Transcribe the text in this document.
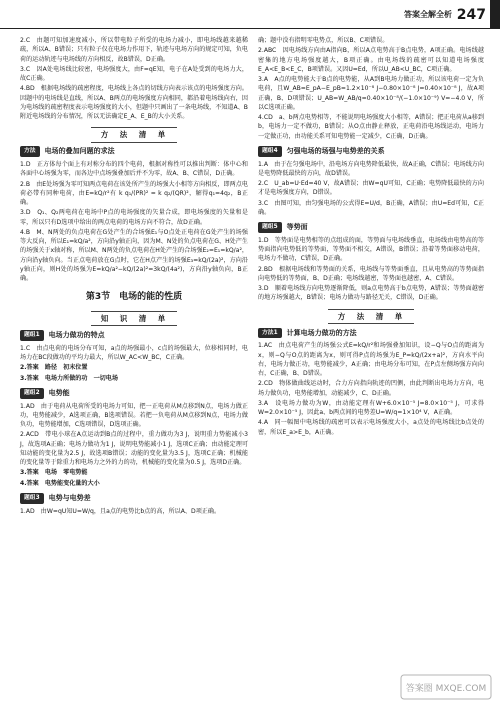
答案全解全析 247

2.C　由题可知加速度减小，所以带电粒子所受的电场力减小，即电场线越来越稀疏，所以A、B错误；只有粒子仅在电场力作用下，轨迹与电场方向的规定可知，负电荷的运动轨迹与电场线的方向相反，故B错误，D正确。

3.C　因A处电场线比较密，电场强度大，由F=qE知，电子在A处受到的电场力大，故C正确。

4.BD　根据电场线的疏密程度，电场线上各点的切线方向表示该点的电场强度方向。因题中的电场线是直线，所以A、B两点的电场强度方向相同，都沿着电场线向右，因为电场线的疏密程度表示电场强度的大小，但题中只画出了一条电场线，不知道A、B附近电场线的分布情况，所以无法确定E_A、E_B的大小关系。

方　法　清　单
方法	电场的叠加问题的求法

1.D　正方体每个面上有对称分布的四个电荷，根据对称性可以推出判断：体中心和各面中心场强为零，而各边中点场强叠加后并不为零，故A、B、C错误，D正确。

2.B　由E处场强为零可知两点电荷在该处所产生的场强大小相等方向相反，即两点电荷必带有同种电荷，由E=kQ/r²有 k q₁/(PR)² = k q₂/(QR)²，解得q₁=4q₂，B正确。

3.D　Q₁、Q₂两电荷在电场中P点的电场强度的矢量合成，即电场强度的矢量和是零，所以只有D选项中给出的两点电荷的电场方向不符合，故D正确。

4.B　M、N两处的负点电荷在G处产生的合场强E₁与O点处正电荷在G处产生的场强等大反向，所以E₁=kQ/a²，方向沿y轴正向，因为M、N处的负点电荷在G、H处产生的场强关于x轴对称，所以M、N两处的负点电荷在H处产生的合场强E₂=E₁=kQ/a²，方向沿y轴负向。当正点电荷放在G点时，它在H点产生的场强E₃=kQ/(2a)²，方向沿y轴正向，则H处的场强为E=kQ/a²−kQ/(2a)²=3kQ/(4a²)，方向沿y轴负向，B正确。

第3节　电场的能的性质
知　识　清　单
题组1	电场力做功的特点

1.C　由点电荷的电场分布可知，a点的场强最小，c点的场强最大，位移相同时，电场力在BC段做功的平均力最大，所以W_AC<W_BC，C正确。

2.答案　路径　初末位置

3.答案　电场力所做的功　一切电场

题组2	电势能

1.AD　由于电荷从电荷所受的电场力可知，把一正电荷从M点移到N点，电场力做正功，电势能减少，A选项正确，B选项错误。若把一负电荷从M点移到N点，电场力做负功，电势能增加，C选项错误，D选项正确。

2.ACD　带电小球在A点运动到B点的过程中，重力做功为3 J，说明重力势能减小3 J，故选项A正确；电场力做功为1 J，说明电势能减小1 J，选项C正确；由动能定理可知动能的变化量为2.5 J，故选项B错误；动能的变化量为3.5 J，选项C正确；机械能的变化量等于除重力和电场力之外的力的功，机械能的变化量为0.5 J，选项D正确。

3.答案　电场　零电势能

4.答案　电势能变化量的大小

题组3	电势与电势差

1.AD　由W=qU知U=W/q，且a点的电势比b点的高，所以A、D项正确。

确；题中没有指明零电势点，所以B、C项错误。

2.ABC　因电场线方向由A指向B，所以A点电势高于B点电势，A项正确。电场线越密集的地方电场强度越大，B项正确。由电场线的疏密可以知道电场强度E_A<E_B<E_C，B项错误。又因U=Ed，所以U_AB<U_BC，C项正确。

3.A　A点的电势能大于B点的电势能，从A到B电场力做正功，所以该电荷一定为负电荷，且W_AB=E_pA−E_pB=1.2×10⁻⁸ J−0.80×10⁻⁸ J=0.40×10⁻⁸ J，故A项正确，B、D项错误；U_AB=W_AB/q=0.40×10⁻⁸/(−1.0×10⁻⁹) V=−4.0 V，所以C选项正确。

4.CD　a、b两点电势相等，不能说明电场强度大小相等，A错误；把正电荷从a移到b，电场力一定不做功，B错误；从O点由静止释放，正电荷沿电场线运动，电场力一定做正功，由功能关系可知电势能一定减少，C正确，D正确。

题组4	匀强电场的场强与电势差的关系

1.A　由于在匀强电场中，沿电场方向电势降低最快，故A正确，C错误；电场线方向是电势降低最快的方向，故D错误。

2.C　U_ab=U·Ed=40 V，故A错误；由W=qU可知，C正确；电势降低最快的方向才是电场强度方向，D错误。

3.C　由图可知，由匀强电场的公式得E=U/d，B正确，A错误；由U=Ed可知，C正确。

题组5	等势面

1.D　等势面是电势相等的点组成的面，等势面与电场线垂直，电场线由电势高的等势面指向电势低的等势面，等势面不相交，A错误，B错误；沿着等势面移动电荷，电场力不做功，C错误，D正确。

2.BD　根据电场线和等势面的关系，电场线与等势面垂直，且从电势高的等势面指向电势低的等势面，B、D正确；电场线越密，等势面也越密，A、C错误。

3.D　顺着电场线方向电势逐渐降低，则a点电势高于b点电势，A错误；等势面越密的地方场强越大，B错误；电场力做功与路径无关，C错误，D正确。

方　法　清　单
方法1	计算电场力做功的方法

1.AC　由点电荷产生的场强公式E=kQ/r²和场强叠加知识，设−Q与O点的距离为x，则−Q与O点的距离为x，则可得P点的场强为E_P=kQ/(2x+a)²，方向水平向右，电场力做正功，电势能减少，A正确；由电场分布可知，在P点左侧场强方向向右，C正确，B、D错误。

2.CD　物体做曲线运动时，合力方向指向轨迹的凹侧，由此判断出电场力方向，电场力做负功，电势能增加，动能减少，C、D正确。

3.A　设电场力做功为W，由动能定理有W+6.0×10⁻⁵ J=8.0×10⁻⁵ J，可求得W=2.0×10⁻⁵ J，因此a、b两点间的电势差U=W/q=1×10⁴ V，A正确。

4.A　同一幅图中电场线的疏密可以表示电场强度大小，a点处的电场线比b点处的密，所以E_a>E_b，A正确。

答案圈 MXQE.COM
